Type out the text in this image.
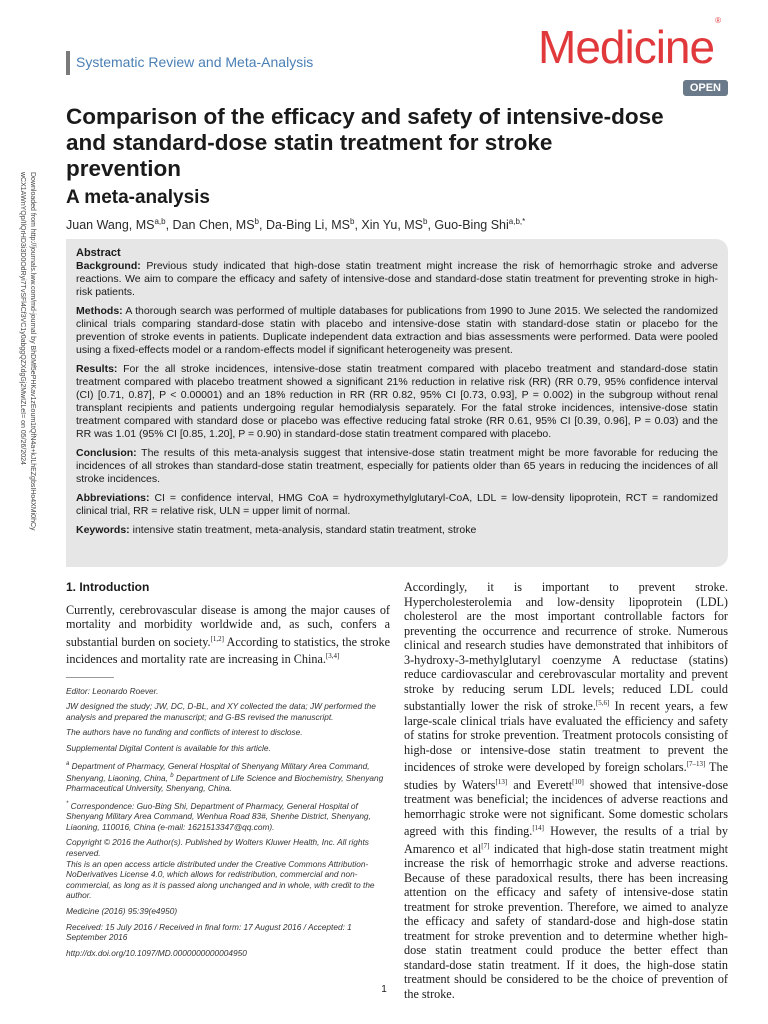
Systematic Review and Meta-Analysis	Medicine®
OPEN
Downloaded from http://journals.lww.com/md-journal by BhDMf5ePHKav1zEoum1tQfN4a+kJLhEZgbsIHo4XMi0hCy
wCX1AWnYQp/IlQrHD3i3D0OdRyi7TvSFl4Cf3VC1y0abggQZXdgGj2MwIZLeI= on 05/26/2024
Comparison of the efficacy and safety of intensive-dose and standard-dose statin treatment for stroke prevention
A meta-analysis
Juan Wang, MS$^{a,b}$, Dan Chen, $MS^b$, Da-Bing Li, $MS^b$, Xin Yu, $MS^b$, Guo-Bing Shi$^{a,b,*}$
Abstract

Background: Previous study indicated that high-dose statin treatment might increase the risk of hemorrhagic stroke and adverse reactions. We aim to compare the efficacy and safety of intensive-dose and standard-dose statin treatment for preventing stroke in high-risk patients.

Methods: A thorough search was performed of multiple databases for publications from 1990 to June 2015. We selected the randomized clinical trials comparing standard-dose statin with placebo and intensive-dose statin with standard-dose statin or placebo for the prevention of stroke events in patients. Duplicate independent data extraction and bias assessments were performed. Data were pooled using a fixed-effects model or a random-effects model if significant heterogeneity was present.

Results: For the all stroke incidences, intensive-dose statin treatment compared with placebo treatment and standard-dose statin treatment compared with placebo treatment showed a significant 21% reduction in relative risk (RR) (RR 0.79, 95% confidence interval (CI) [0.71, 0.87], P < 0.00001) and an 18% reduction in RR (RR 0.82, 95% CI [0.73, 0.93], P = 0.002) in the subgroup without renal transplant recipients and patients undergoing regular hemodialysis separately. For the fatal stroke incidences, intensive-dose statin treatment compared with standard dose or placebo was effective reducing fatal stroke (RR 0.61, 95% CI [0.39, 0.96], P = 0.03) and the RR was 1.01 (95% CI [0.85, 1.20], P = 0.90) in standard-dose statin treatment compared with placebo.

Conclusion: The results of this meta-analysis suggest that intensive-dose statin treatment might be more favorable for reducing the incidences of all strokes than standard-dose statin treatment, especially for patients older than 65 years in reducing the incidences of all stroke incidences.

Abbreviations: CI = confidence interval, HMG CoA = hydroxymethylglutaryl-CoA, LDL = low-density lipoprotein, RCT = randomized clinical trial, RR = relative risk, ULN = upper limit of normal.

Keywords: intensive statin treatment, meta-analysis, standard statin treatment, stroke

1. Introduction

Currently, cerebrovascular disease is among the major causes of mortality and morbidity worldwide and, as such, confers a substantial burden on society.[1,2] According to statistics, the stroke incidences and mortality rate are increasing in China.[3,4]

Editor: Leonardo Roever.

JW designed the study; JW, DC, D-BL, and XY collected the data; JW performed the analysis and prepared the manuscript; and G-BS revised the manuscript.

The authors have no funding and conflicts of interest to disclose.

Supplemental Digital Content is available for this article.

$^a$ Department of Pharmacy, General Hospital of Shenyang Military Area Command, Shenyang, Liaoning, China, $^b$ Department of Life Science and Biochemistry, Shenyang Pharmaceutical University, Shenyang, China.

* Correspondence: Guo-Bing Shi, Department of Pharmacy, General Hospital of Shenyang Military Area Command, Wenhua Road 83#, Shenhe District, Shenyang, Liaoning, 110016, China (e-mail: 1621513347@qq.com).

Copyright © 2016 the Author(s). Published by Wolters Kluwer Health, Inc. All rights reserved.
This is an open access article distributed under the Creative Commons Attribution-NoDerivatives License 4.0, which allows for redistribution, commercial and non-commercial, as long as it is passed along unchanged and in whole, with credit to the author.

Medicine (2016) 95:39(e4950)

Received: 15 July 2016 / Received in final form: 17 August 2016 / Accepted: 1 September 2016

http://dx.doi.org/10.1097/MD.0000000000004950

Accordingly, it is important to prevent stroke. Hypercholesterolemia and low-density lipoprotein (LDL) cholesterol are the most important controllable factors for preventing the occurrence and recurrence of stroke. Numerous clinical and research studies have demonstrated that inhibitors of 3-hydroxy-3-methylglutaryl coenzyme A reductase (statins) reduce cardiovascular and cerebrovascular mortality and prevent stroke by reducing serum LDL levels; reduced LDL could substantially lower the risk of stroke.[5,6] In recent years, a few large-scale clinical trials have evaluated the efficiency and safety of statins for stroke prevention. Treatment protocols consisting of high-dose or intensive-dose statin treatment to prevent the incidences of stroke were developed by foreign scholars.[7–13] The studies by Waters[13] and Everett[10] showed that intensive-dose treatment was beneficial; the incidences of adverse reactions and hemorrhagic stroke were not significant. Some domestic scholars agreed with this finding.[14] However, the results of a trial by Amarenco et al[7] indicated that high-dose statin treatment might increase the risk of hemorrhagic stroke and adverse reactions. Because of these paradoxical results, there has been increasing attention on the efficacy and safety of intensive-dose statin treatment for stroke prevention. Therefore, we aimed to analyze the efficacy and safety of standard-dose and high-dose statin treatment for stroke prevention and to determine whether high-dose statin treatment could produce the better effect than standard-dose statin treatment. If it does, the high-dose statin treatment should be considered to be the choice of prevention of the stroke.

1
